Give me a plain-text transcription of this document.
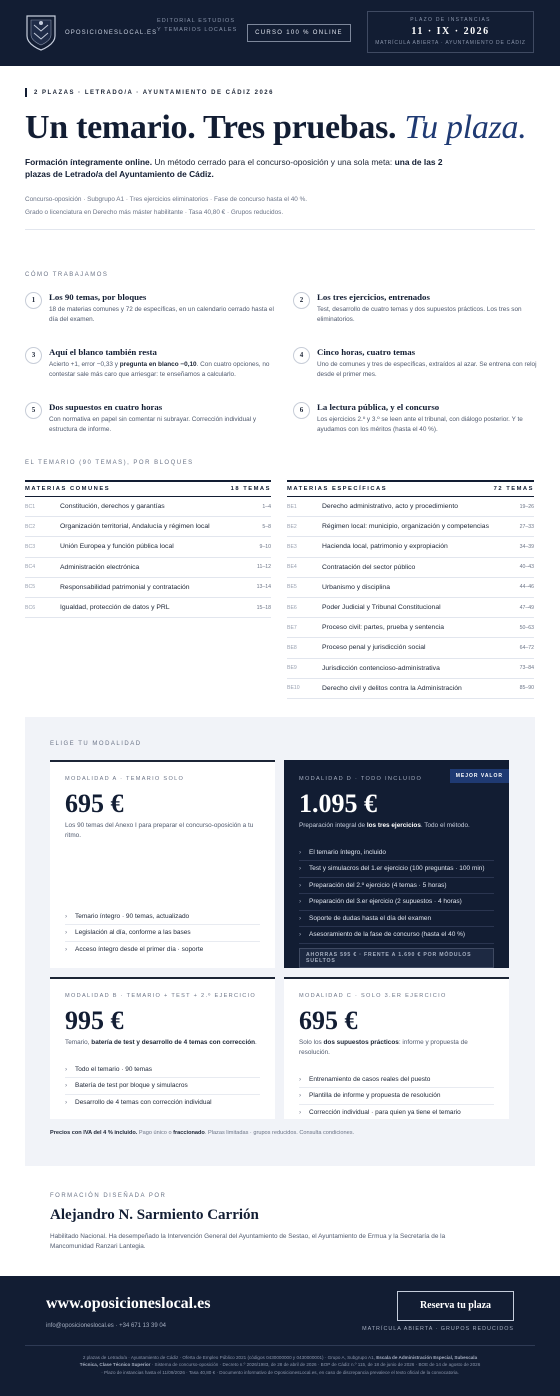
OPOSICIONESLOCAL.ES
EDITORIAL ESTUDIOS
Y TEMARIOS LOCALES	CURSO 100 % ONLINE
PLAZO DE INSTANCIAS
11 · IX · 2026
MATRÍCULA ABIERTA · AYUNTAMIENTO DE CÁDIZ
2 PLAZAS · LETRADO/A · AYUNTAMIENTO DE CÁDIZ 2026
Un temario. Tres pruebas. Tu plaza.

Formación íntegramente online. Un método cerrado para el concurso-oposición y una sola meta: una de las 2 plazas de Letrado/a del Ayuntamiento de Cádiz.

Concurso-oposición · Subgrupo A1 · Tres ejercicios eliminatorios · Fase de concurso hasta el 40 %.
Grado o licenciatura en Derecho más máster habilitante · Tasa 40,80 € · Grupos reducidos.
CÓMO TRABAJAMOS
1	Los 90 temas, por bloques

18 de materias comunes y 72 de específicas, en un calendario cerrado hasta el día del examen.

2	Los tres ejercicios, entrenados

Test, desarrollo de cuatro temas y dos supuestos prácticos. Los tres son eliminatorios.

3	Aquí el blanco también resta

Acierto +1, error −0,33 y pregunta en blanco −0,10. Con cuatro opciones, no contestar sale más caro que arriesgar: te enseñamos a calcularlo.

4	Cinco horas, cuatro temas

Uno de comunes y tres de específicas, extraídos al azar. Se entrena con reloj desde el primer mes.

5	Dos supuestos en cuatro horas

Con normativa en papel sin comentar ni subrayar. Corrección individual y estructura de informe.

6	La lectura pública, y el concurso

Los ejercicios 2.º y 3.º se leen ante el tribunal, con diálogo posterior. Y te ayudamos con los méritos (hasta el 40 %).

EL TEMARIO (90 TEMAS), POR BLOQUES
MATERIAS COMUNES	18 TEMAS
BC1	Constitución, derechos y garantías	1–4
BC2	Organización territorial, Andalucía y régimen local	5–8
BC3	Unión Europea y función pública local	9–10
BC4	Administración electrónica	11–12
BC5	Responsabilidad patrimonial y contratación	13–14
BC6	Igualdad, protección de datos y PRL	15–18
MATERIAS ESPECÍFICAS	72 TEMAS
BE1	Derecho administrativo, acto y procedimiento	19–26
BE2	Régimen local: municipio, organización y competencias	27–33
BE3	Hacienda local, patrimonio y expropiación	34–39
BE4	Contratación del sector público	40–43
BE5	Urbanismo y disciplina	44–46
BE6	Poder Judicial y Tribunal Constitucional	47–49
BE7	Proceso civil: partes, prueba y sentencia	50–63
BE8	Proceso penal y jurisdicción social	64–72
BE9	Jurisdicción contencioso-administrativa	73–84
BE10	Derecho civil y delitos contra la Administración	85–90
ELIGE TU MODALIDAD
MODALIDAD A · TEMARIO SOLO
695 €
Los 90 temas del Anexo I para preparar el concurso-oposición a tu ritmo.
› Temario íntegro · 90 temas, actualizado
› Legislación al día, conforme a las bases
› Acceso íntegro desde el primer día · soporte
MEJOR VALOR
MODALIDAD D · TODO INCLUIDO
1.095 €
Preparación integral de los tres ejercicios. Todo el método.
› El temario íntegro, incluido
› Test y simulacros del 1.er ejercicio (100 preguntas · 100 min)
› Preparación del 2.º ejercicio (4 temas · 5 horas)
› Preparación del 3.er ejercicio (2 supuestos · 4 horas)
› Soporte de dudas hasta el día del examen
› Asesoramiento de la fase de concurso (hasta el 40 %)
AHORRAS 595 € · FRENTE A 1.690 € POR MÓDULOS SUELTOS
MODALIDAD B · TEMARIO + TEST + 2.º EJERCICIO
995 €
Temario, batería de test y desarrollo de 4 temas con corrección.
› Todo el temario · 90 temas
› Batería de test por bloque y simulacros
› Desarrollo de 4 temas con corrección individual
MODALIDAD C · SOLO 3.ER EJERCICIO
695 €
Solo los dos supuestos prácticos: informe y propuesta de resolución.
› Entrenamiento de casos reales del puesto
› Plantilla de informe y propuesta de resolución
› Corrección individual · para quien ya tiene el temario
Precios con IVA del 4 % incluido. Pago único o fraccionado. Plazas limitadas · grupos reducidos. Consulta condiciones.
FORMACIÓN DISEÑADA POR
Alejandro N. Sarmiento Carrión

Habilitado Nacional. Ha desempeñado la Intervención General del Ayuntamiento de Sestao, el Ayuntamiento de Ermua y la Secretaría de la Mancomunidad Ranzari Lantegia.

www.oposicioneslocal.es
info@oposicioneslocal.es · +34 671 13 39 04
Reserva tu plaza
MATRÍCULA ABIERTA · GRUPOS REDUCIDOS
2 plazas de Letrado/a · Ayuntamiento de Cádiz · Oferta de Empleo Público 2021 (códigos 0430000000 y 0430000001) · Grupo A, Subgrupo A1, Escala de Administración Especial, Subescala
Técnica, Clase Técnico Superior · Sistema de concurso-oposición · Decreto n.º 2026/1983, de 28 de abril de 2026 · BOP de Cádiz n.º 115, de 18 de junio de 2026 · BOE de 14 de agosto de 2026
· Plazo de instancias hasta el 11/09/2026 · Tasa 40,80 € · Documento informativo de OposicionesLocal.es, en caso de discrepancia prevalece el texto oficial de la convocatoria.
